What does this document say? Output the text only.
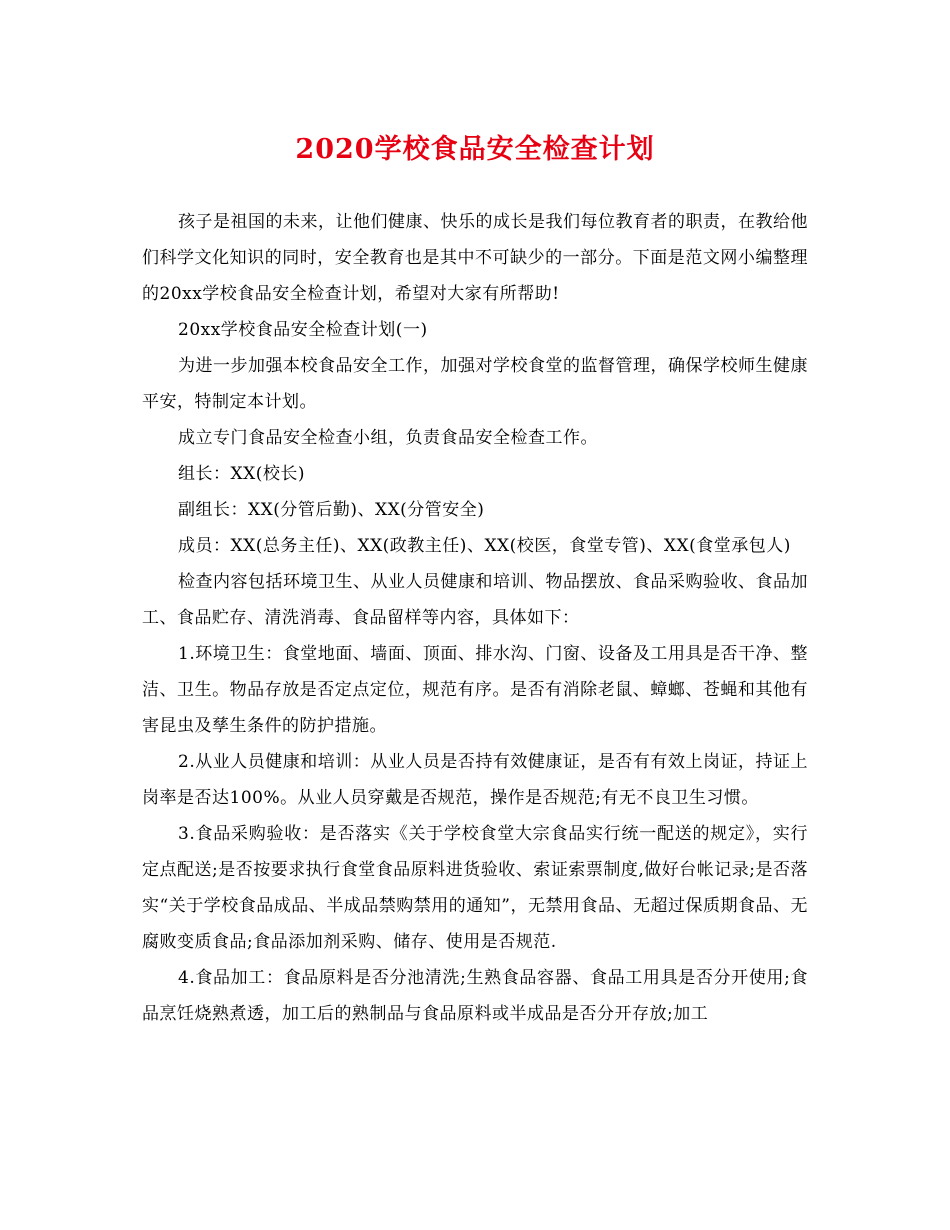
2020学校食品安全检查计划

孩子是祖国的未来，让他们健康、快乐的成长是我们每位教育者的职责，在教给他们科学文化知识的同时，安全教育也是其中不可缺少的一部分。下面是范文网小编整理的20xx学校食品安全检查计划，希望对大家有所帮助!

20xx学校食品安全检查计划(一)

为进一步加强本校食品安全工作，加强对学校食堂的监督管理，确保学校师生健康平安，特制定本计划。

成立专门食品安全检查小组，负责食品安全检查工作。

组长：XX(校长)

副组长：XX(分管后勤)、XX(分管安全)

成员：XX(总务主任)、XX(政教主任)、XX(校医，食堂专管)、XX(食堂承包人)

检查内容包括环境卫生、从业人员健康和培训、物品摆放、食品采购验收、食品加工、食品贮存、清洗消毒、食品留样等内容，具体如下：

1.环境卫生：食堂地面、墙面、顶面、排水沟、门窗、设备及工用具是否干净、整洁、卫生。物品存放是否定点定位，规范有序。是否有消除老鼠、蟑螂、苍蝇和其他有害昆虫及孳生条件的防护措施。

2.从业人员健康和培训：从业人员是否持有效健康证，是否有有效上岗证，持证上岗率是否达100%。从业人员穿戴是否规范，操作是否规范;有无不良卫生习惯。

3.食品采购验收：是否落实《关于学校食堂大宗食品实行统一配送的规定》，实行定点配送;是否按要求执行食堂食品原料进货验收、索证索票制度,做好台帐记录;是否落实“关于学校食品成品、半成品禁购禁用的通知”，无禁用食品、无超过保质期食品、无腐败变质食品;食品添加剂采购、储存、使用是否规范.

4.食品加工：食品原料是否分池清洗;生熟食品容器、食品工用具是否分开使用;食品烹饪烧熟煮透，加工后的熟制品与食品原料或半成品是否分开存放;加工
